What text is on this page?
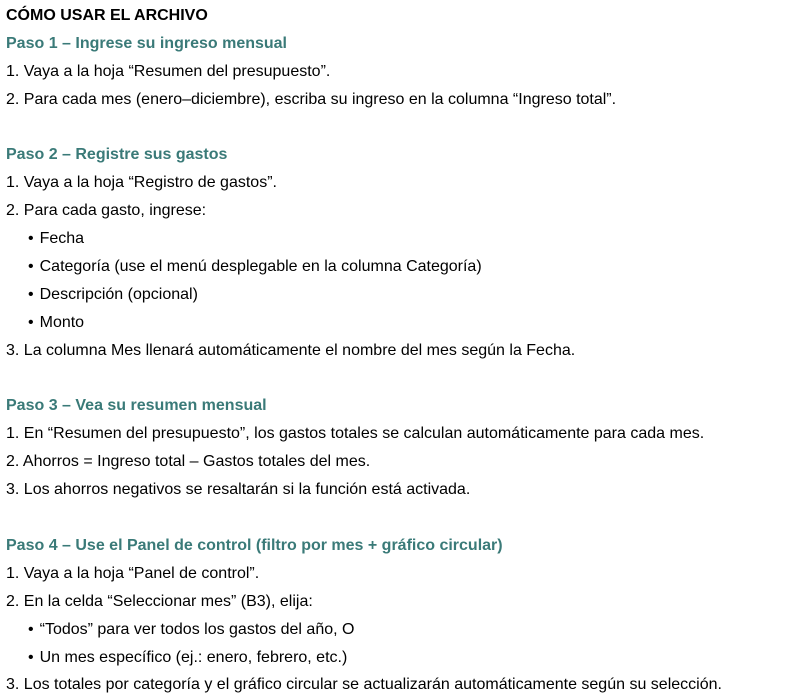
CÓMO USAR EL ARCHIVO
Paso 1 – Ingrese su ingreso mensual
1. Vaya a la hoja “Resumen del presupuesto”.
2. Para cada mes (enero–diciembre), escriba su ingreso en la columna “Ingreso total”.
Paso 2 – Registre sus gastos
1. Vaya a la hoja “Registro de gastos”.
2. Para cada gasto, ingrese:
• Fecha
• Categoría (use el menú desplegable en la columna Categoría)
• Descripción (opcional)
• Monto
3. La columna Mes llenará automáticamente el nombre del mes según la Fecha.
Paso 3 – Vea su resumen mensual
1. En “Resumen del presupuesto”, los gastos totales se calculan automáticamente para cada mes.
2. Ahorros = Ingreso total – Gastos totales del mes.
3. Los ahorros negativos se resaltarán si la función está activada.
Paso 4 – Use el Panel de control (filtro por mes + gráfico circular)
1. Vaya a la hoja “Panel de control”.
2. En la celda “Seleccionar mes” (B3), elija:
• “Todos” para ver todos los gastos del año, O
• Un mes específico (ej.: enero, febrero, etc.)
3. Los totales por categoría y el gráfico circular se actualizarán automáticamente según su selección.
